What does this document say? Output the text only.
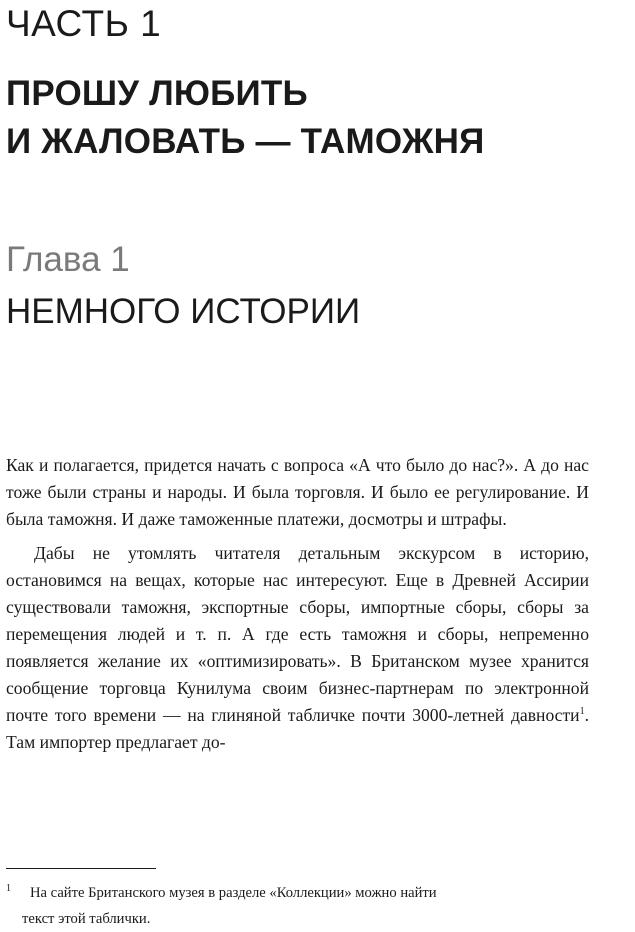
ЧАСТЬ 1
ПРОШУ ЛЮБИТЬ
И ЖАЛОВАТЬ — ТАМОЖНЯ
Глава 1
НЕМНОГО ИСТОРИИ

Как и полагается, придется начать с вопроса «А что было до нас?». А до нас тоже были страны и народы. И была торговля. И было ее регулирование. И была таможня. И даже таможенные платежи, досмотры и штрафы.

Дабы не утомлять читателя детальным экскурсом в историю, остановимся на вещах, которые нас интересуют. Еще в Древней Ассирии существовали таможня, экспортные сборы, импортные сборы, сборы за перемещения людей и т. п. А где есть таможня и сборы, непременно появляется желание их «оптимизировать». В Британском музее хранится сообщение торговца Кунилума своим бизнес-партнерам по электронной почте того времени — на глиняной табличке почти 3000-летней давности$^1$. Там импортер предлагает до-

1 На сайте Британского музея в разделе «Коллекции» можно найти
текст этой таблички.
